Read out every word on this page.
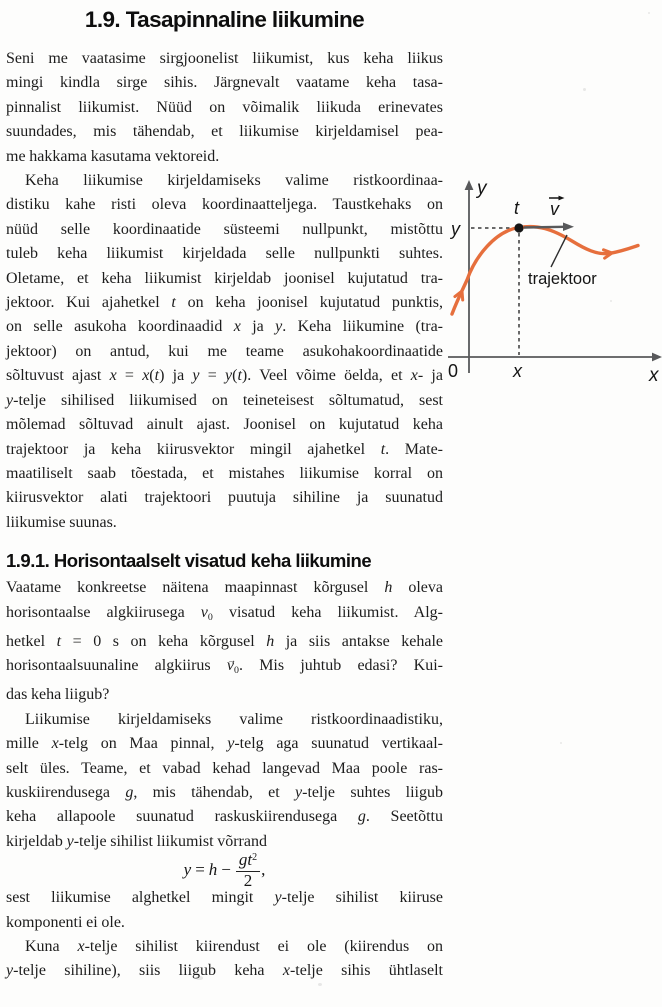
1.9. Tasapinnaline liikumine
Seni me vaatasime sirgjoonelist liikumist, kus keha liikus
mingi kindla sirge sihis. Järgnevalt vaatame keha tasa-
pinnalist liikumist. Nüüd on võimalik liikuda erinevates
suundades, mis tähendab, et liikumise kirjeldamisel pea-
me hakkama kasutama vektoreid.
Keha liikumise kirjeldamiseks valime ristkoordinaa-
distiku kahe risti oleva koordinaatteljega. Taustkehaks on
nüüd selle koordinaatide süsteemi nullpunkt, mistõttu
tuleb keha liikumist kirjeldada selle nullpunkti suhtes.
Oletame, et keha liikumist kirjeldab joonisel kujutatud tra-
jektoor. Kui ajahetkel t on keha joonisel kujutatud punktis,
on selle asukoha koordinaadid x ja y. Keha liikumine (tra-
jektoor) on antud, kui me teame asukohakoordinaatide
sõltuvust ajast x = x(t) ja y = y(t). Veel võime öelda, et x- ja
y-telje sihilised liikumised on teineteisest sõltumatud, sest
mõlemad sõltuvad ainult ajast. Joonisel on kujutatud keha
trajektoor ja keha kiirusvektor mingil ajahetkel t. Mate-
maatiliselt saab tõestada, et mistahes liikumise korral on
kiirusvektor alati trajektoori puutuja sihiline ja suunatud
liikumise suunas.
1.9.1. Horisontaalselt visatud keha liikumine
Vaatame konkreetse näitena maapinnast kõrgusel h oleva
horisontaalse algkiirusega $v_0$ visatud keha liikumist. Alg-
hetkel t = 0 s on keha kõrgusel h ja siis antakse kehale
horisontaalsuunaline algkiirus $v \to_0$. Mis juhtub edasi? Kui-
das keha liigub?
Liikumise kirjeldamiseks valime ristkoordinaadistiku,
mille x-telg on Maa pinnal, y-telg aga suunatud vertikaal-
selt üles. Teame, et vabad kehad langevad Maa poole ras-
kuskiirendusega g, mis tähendab, et y-telje suhtes liigub
keha allapoole suunatud raskuskiirendusega g. Seetõttu
kirjeldab y-telje sihilist liikumist võrrand
$y = h - \frac{gt^2}{2}$ ,
sest liikumise alghetkel mingit y-telje sihilist kiiruse
komponenti ei ole.
Kuna x-telje sihilist kiirendust ei ole (kiirendus on
y-telje sihiline), siis liigub keha x-telje sihis ühtlaselt
y
x
0
y
x
t v
trajektoor
